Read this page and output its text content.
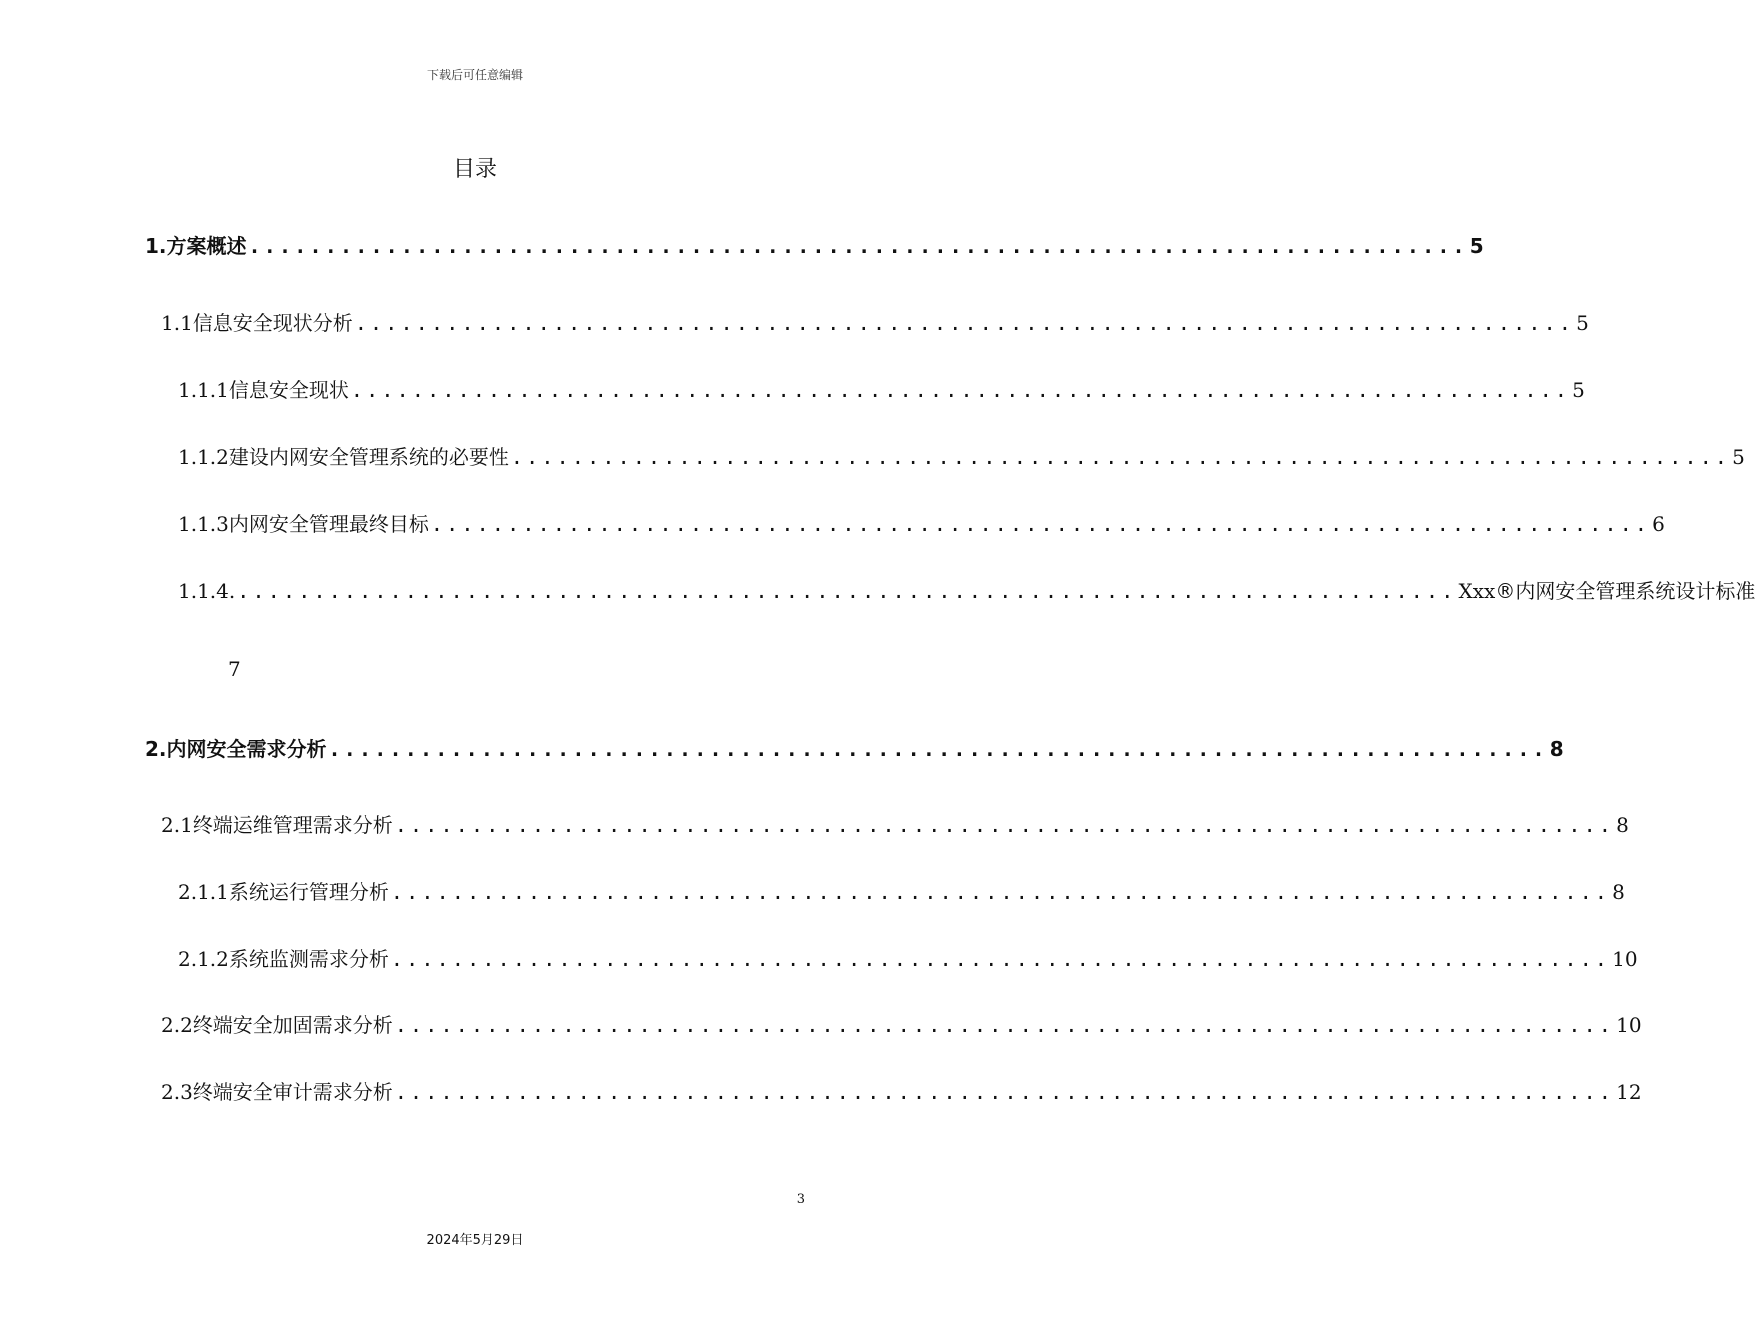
下载后可任意编辑
目录
1. 方案概述 ................................................................................ 5
1.1 信息安全现状分析 ................................................................................ 5
1.1.1 信息安全现状 ................................................................................ 5
1.1.2 建设内网安全管理系统的必要性 ................................................................................ 5
1.1.3 内网安全管理最终目标 ................................................................................ 6
1.1.4. ................................................................................ Xxx ®内网安全管理系统设计标准
7
2. 内网安全需求分析 ................................................................................ 8
2.1 终端运维管理需求分析 ................................................................................ 8
2.1.1 系统运行管理分析 ................................................................................ 8
2.1.2 系统监测需求分析 ................................................................................ 10
2.2 终端安全加固需求分析 ................................................................................ 10
2.3 终端安全审计需求分析 ................................................................................ 12
3
2024年5月29日
